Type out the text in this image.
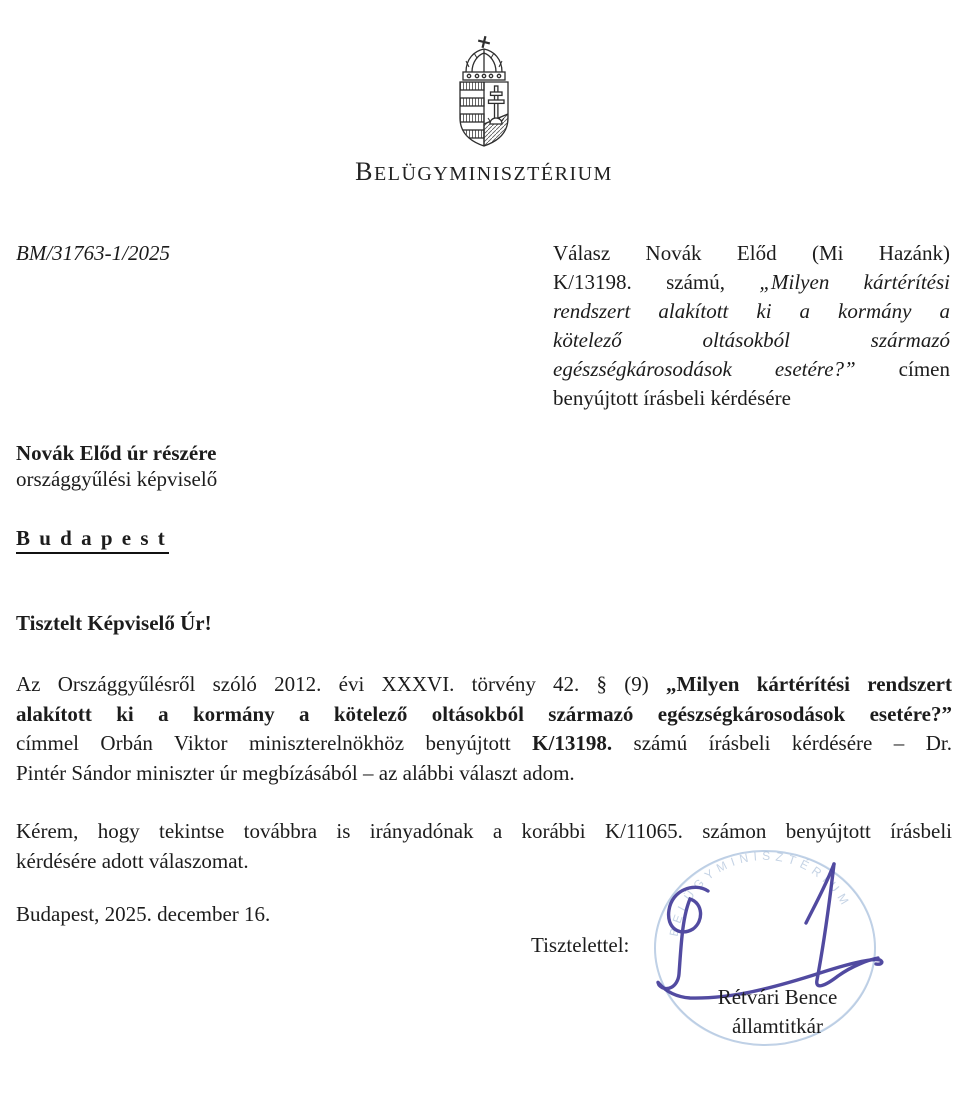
BELÜGYMINISZTÉRIUM
BM/31763-1/2025	Válasz Novák Előd (Mi Hazánk)
K/13198. számú, „Milyen kártérítési
rendszert alakított ki a kormány a
kötelező oltásokból származó
egészségkárosodások esetére?” címen
benyújtott írásbeli kérdésére
Novák Előd úr részére
országgyűlési képviselő
B u d a p e s t
Tisztelt Képviselő Úr!
Az Országgyűlésről szóló 2012. évi XXXVI. törvény 42. § (9) „Milyen kártérítési rendszert
alakított ki a kormány a kötelező oltásokból származó egészségkárosodások esetére?”
címmel Orbán Viktor miniszterelnökhöz benyújtott K/13198. számú írásbeli kérdésére – Dr.
Pintér Sándor miniszter úr megbízásából – az alábbi választ adom.
Kérem, hogy tekintse továbbra is irányadónak a korábbi K/11065. számon benyújtott írásbeli
kérdésére adott válaszomat.
Budapest, 2025. december 16.
Tisztelettel:
BELÜGYMINISZTÉRIUM
Rétvári Bence
államtitkár
